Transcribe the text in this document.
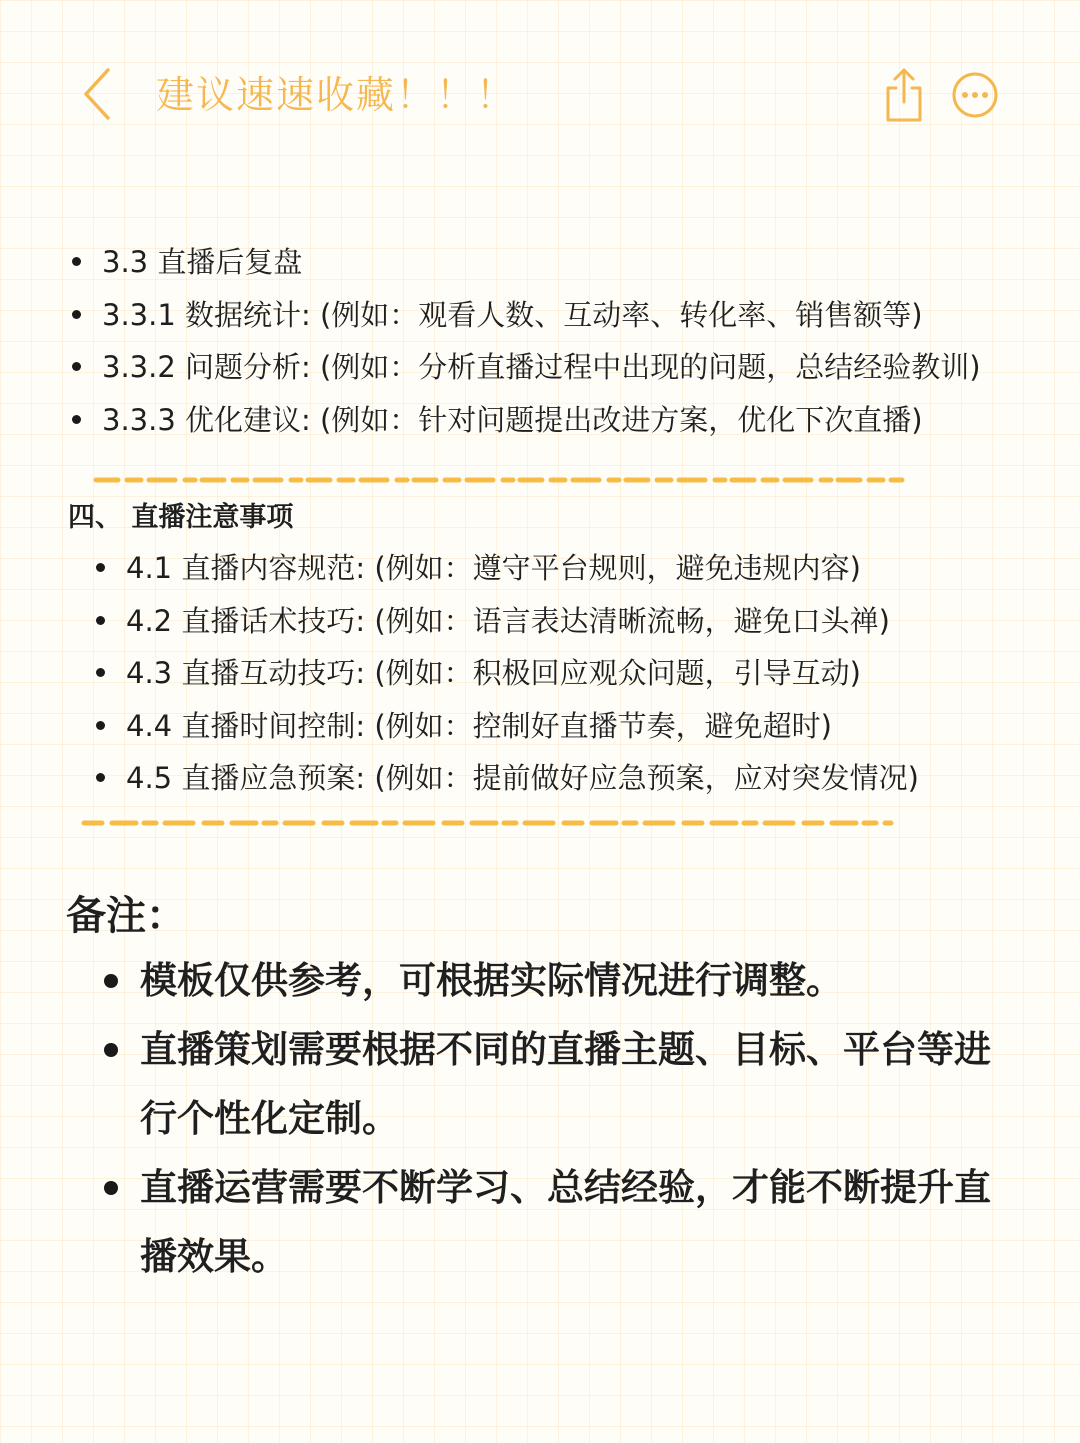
建议速速收藏！！！
3.3 直播后复盘
3.3.1 数据统计: (例如：观看人数、互动率、转化率、销售额等)
3.3.2 问题分析: (例如：分析直播过程中出现的问题，总结经验教训)
3.3.3 优化建议: (例如：针对问题提出改进方案，优化下次直播)
四、 直播注意事项
4.1 直播内容规范: (例如：遵守平台规则，避免违规内容)
4.2 直播话术技巧: (例如：语言表达清晰流畅，避免口头禅)
4.3 直播互动技巧: (例如：积极回应观众问题，引导互动)
4.4 直播时间控制: (例如：控制好直播节奏，避免超时)
4.5 直播应急预案: (例如：提前做好应急预案，应对突发情况)
备注：
模板仅供参考，可根据实际情况进行调整。
直播策划需要根据不同的直播主题、目标、平台等进行个性化定制。
直播运营需要不断学习、总结经验，才能不断提升直播效果。
